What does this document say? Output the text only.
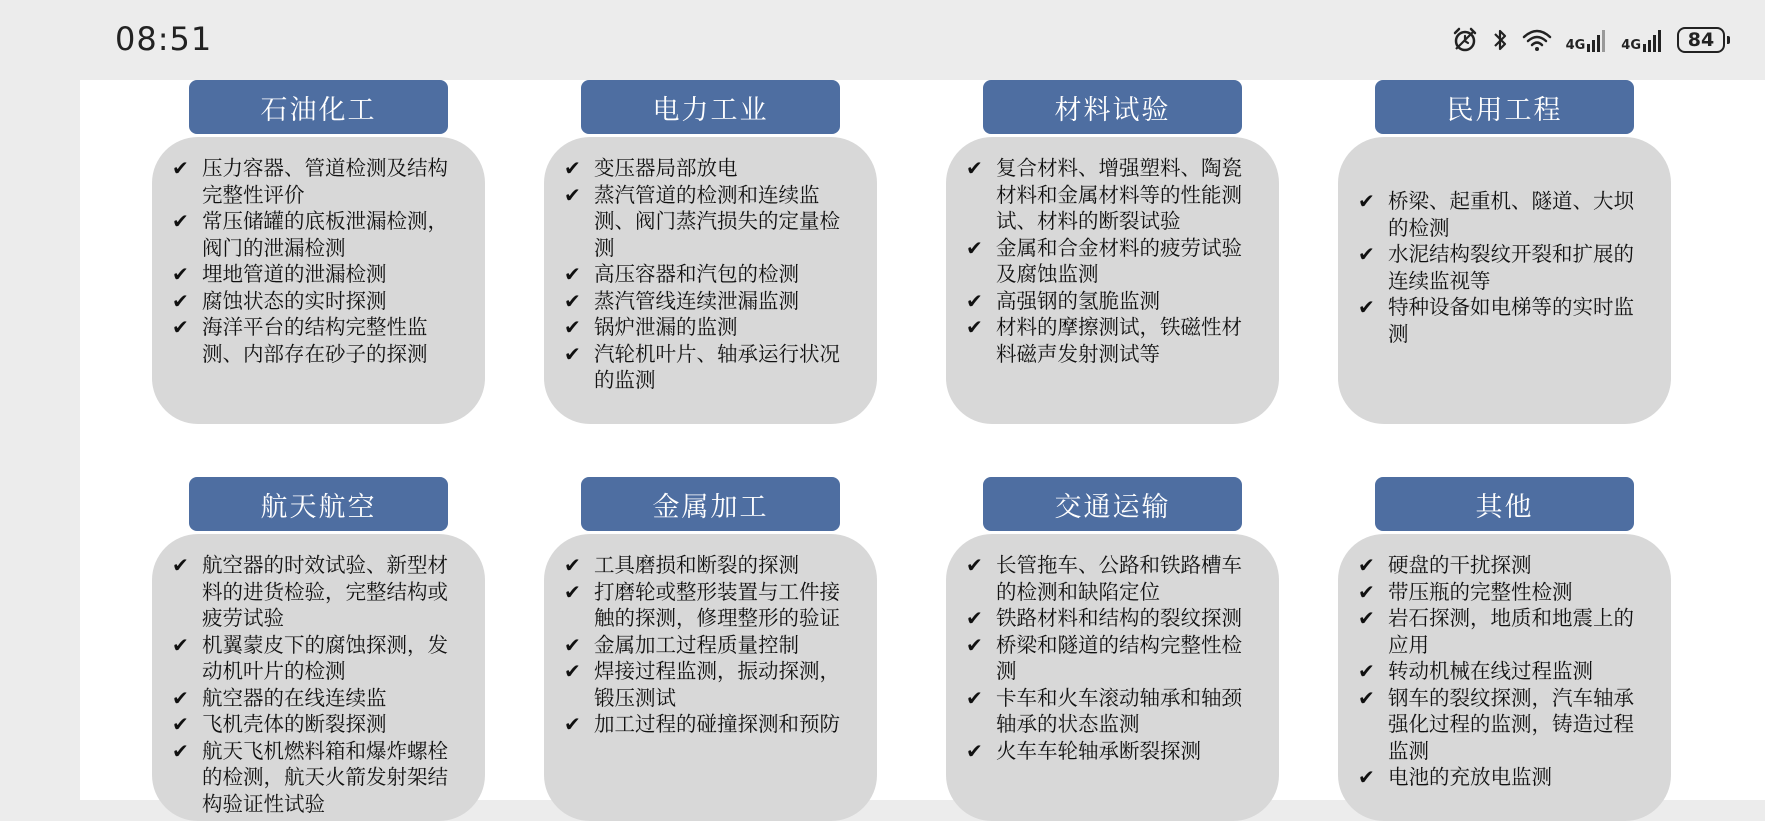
08:51	4G	4G	84
石油化工
✔ 压力容器、管道检测及结构完整性评价
✔ 常压储罐的底板泄漏检测，阀门的泄漏检测
✔ 埋地管道的泄漏检测
✔ 腐蚀状态的实时探测
✔ 海洋平台的结构完整性监测、内部存在砂子的探测
电力工业
✔ 变压器局部放电
✔ 蒸汽管道的检测和连续监测、阀门蒸汽损失的定量检测
✔ 高压容器和汽包的检测
✔ 蒸汽管线连续泄漏监测
✔ 锅炉泄漏的监测
✔ 汽轮机叶片、轴承运行状况的监测
材料试验
✔ 复合材料、增强塑料、陶瓷材料和金属材料等的性能测试、材料的断裂试验
✔ 金属和合金材料的疲劳试验及腐蚀监测
✔ 高强钢的氢脆监测
✔ 材料的摩擦测试，铁磁性材料磁声发射测试等
民用工程
✔ 桥梁、起重机、隧道、大坝的检测
✔ 水泥结构裂纹开裂和扩展的连续监视等
✔ 特种设备如电梯等的实时监测
航天航空
✔ 航空器的时效试验、新型材料的进货检验，完整结构或疲劳试验
✔ 机翼蒙皮下的腐蚀探测，发动机叶片的检测
✔ 航空器的在线连续监
✔ 飞机壳体的断裂探测
✔ 航天飞机燃料箱和爆炸螺栓的检测，航天火箭发射架结构验证性试验
金属加工
✔ 工具磨损和断裂的探测
✔ 打磨轮或整形装置与工件接触的探测，修理整形的验证
✔ 金属加工过程质量控制
✔ 焊接过程监测，振动探测，锻压测试
✔ 加工过程的碰撞探测和预防
交通运输
✔ 长管拖车、公路和铁路槽车的检测和缺陷定位
✔ 铁路材料和结构的裂纹探测
✔ 桥梁和隧道的结构完整性检测
✔ 卡车和火车滚动轴承和轴颈轴承的状态监测
✔ 火车车轮轴承断裂探测
其他
✔ 硬盘的干扰探测
✔ 带压瓶的完整性检测
✔ 岩石探测，地质和地震上的应用
✔ 转动机械在线过程监测
✔ 钢车的裂纹探测，汽车轴承强化过程的监测，铸造过程监测
✔ 电池的充放电监测
